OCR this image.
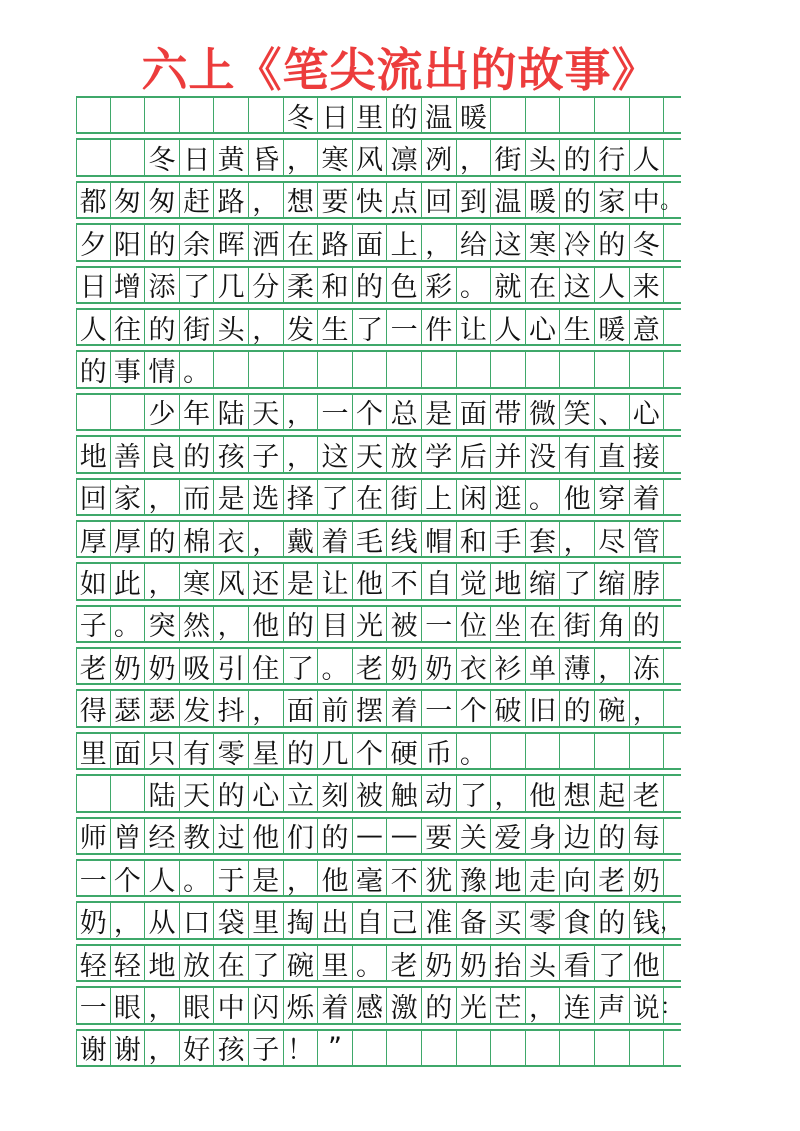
六上《笔尖流出的故事》
冬 日 里 的 温 暖
冬 日 黄 昏 ， 寒 风 凛 冽 ， 街 头 的 行 人
都 匆 匆 赶 路 ， 想 要 快 点 回 到 温 暖 的 家 中 。
夕 阳 的 余 晖 洒 在 路 面 上 ， 给 这 寒 冷 的 冬
日 增 添 了 几 分 柔 和 的 色 彩 。 就 在 这 人 来
人 往 的 街 头 ， 发 生 了 一 件 让 人 心 生 暖 意
的 事 情 。
少 年 陆 天 ， 一 个 总 是 面 带 微 笑 、 心
地 善 良 的 孩 子 ， 这 天 放 学 后 并 没 有 直 接
回 家 ， 而 是 选 择 了 在 街 上 闲 逛 。 他 穿 着
厚 厚 的 棉 衣 ， 戴 着 毛 线 帽 和 手 套 ， 尽 管
如 此 ， 寒 风 还 是 让 他 不 自 觉 地 缩 了 缩 脖
子 。 突 然 ， 他 的 目 光 被 一 位 坐 在 街 角 的
老 奶 奶 吸 引 住 了 。 老 奶 奶 衣 衫 单 薄 ， 冻
得 瑟 瑟 发 抖 ， 面 前 摆 着 一 个 破 旧 的 碗 ，
里 面 只 有 零 星 的 几 个 硬 币 。
陆 天 的 心 立 刻 被 触 动 了 ， 他 想 起 老
师 曾 经 教 过 他 们 的 — — 要 关 爱 身 边 的 每
一 个 人 。 于 是 ， 他 毫 不 犹 豫 地 走 向 老 奶
奶 ， 从 口 袋 里 掏 出 自 己 准 备 买 零 食 的 钱 ，
轻 轻 地 放 在 了 碗 里 。 老 奶 奶 抬 头 看 了 他
一 眼 ， 眼 中 闪 烁 着 感 激 的 光 芒 ， 连 声 说 ：
谢 谢 ， 好 孩 子 ！ ”
